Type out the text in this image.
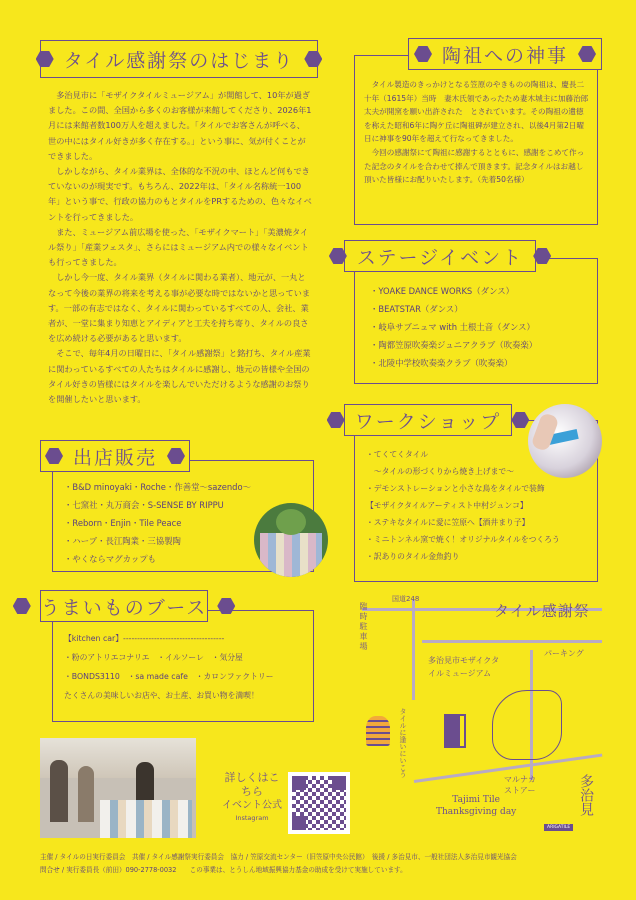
タイル感謝祭のはじまり

多治見市に「モザイクタイルミュージアム」が開館して、10年が過ぎました。この間、全国から多くのお客様が来館してくださり、2026年1月には来館者数100万人を超えました。「タイルでお客さんが呼べる、世の中にはタイル好きが多く存在する。」という事に、気が付くことができました。

しかしながら、タイル業界は、全体的な不況の中、ほとんど何もできていないのが現実です。もちろん、2022年は、「タイル名称統一100年」という事で、行政の協力のもとタイルをPRするための、色々なイベントを行ってきました。

また、ミュージアム前広場を使った、「モザイクマート」「美濃焼タイル祭り」「産業フェスタ」、さらにはミュージアム内での様々なイベントも行ってきました。

しかし今一度、タイル業界（タイルに関わる業者）、地元が、一丸となって今後の業界の将来を考える事が必要な時ではないかと思っています。一部の有志ではなく、タイルに関わっているすべての人、会社、業者が、一堂に集まり知恵とアイディアと工夫を持ち寄り、タイルの良さを広め続ける必要があると思います。

そこで、毎年4月の日曜日に、「タイル感謝祭」と銘打ち、タイル産業に関わっているすべての人たちはタイルに感謝し、地元の皆様や全国のタイル好きの皆様にはタイルを楽しんでいただけるような感謝のお祭りを開催したいと思います。

陶祖への神事

タイル製造のきっかけとなる笠原のやきものの陶祖は、慶長二十年（1615年）当時　妻木氏領であったため妻木城主に加藤治郎太夫が開窯を願い出許された　とされています。その陶祖の遺徳を称えた昭和6年に陶ケ丘に陶祖碑が建立され、以後4月第2日曜日に神事を90年を超えて行なってきました。

今回の感謝祭にて陶祖に感謝するとともに、感謝をこめて作った記念のタイルを合わせて捧んで頂きます。記念タイルはお越し頂いた皆様にお配りいたします。（先着50名様）

ステージイベント
・YOAKE DANCE WORKS（ダンス）
・BEATSTAR（ダンス）
・岐阜サブニュマ with 土根土音（ダンス）
・陶都笠原吹奏楽ジュニアクラブ（吹奏楽）
・北陵中学校吹奏楽クラブ（吹奏楽）
ワークショップ
・てくてくタイル
　〜タイルの形づくりから焼き上げまで〜
・デモンストレーションと小さな鳥をタイルで装飾
【モザイクタイルアーティスト中村ジュンコ】
・ステキなタイルに愛に笠原へ【酒井まり子】
・ミニトンネル窯で焼く！オリジナルタイルをつくろう
・訳ありのタイル金魚釣り
出店販売
・B&D minoyaki・Roche・作善堂〜sazendo〜
・七窯社・丸万商会・S-SENSE BY RIPPU
・Reborn・Enjin・Tile Peace
・ハーブ・長江陶業・三協製陶
・やくならマグカップも
うまいものブース
【kitchen car】------------------------------------
・粉のアトリエコナリエ　・イルソーレ　・気分屋
・BONDS3110　・sa made cafe　・カロンファクトリー
たくさんの美味しいお店や、お土産、お買い物を満喫！
詳しくはこちら
イベント公式
Instagram
国道248
臨時駐車場
パーキング
タイル感謝祭
多治見市モザイクタイルミュージアム
タイルに逢いにいこう
マルナカストアー	多治見
Tajimi Tile
Thanksgiving day
ARIGATILE
主催 / タイルの日実行委員会　共催 / タイル感謝祭実行委員会　協力 / 笠原交流センター（旧笠原中央公民館）　後援 / 多治見市、一般社団法人多治見市観光協会
問合せ / 実行委員長（前田）090-2778-0032　　この事業は、とうしん地域振興協力基金の助成を受けて実施しています。
